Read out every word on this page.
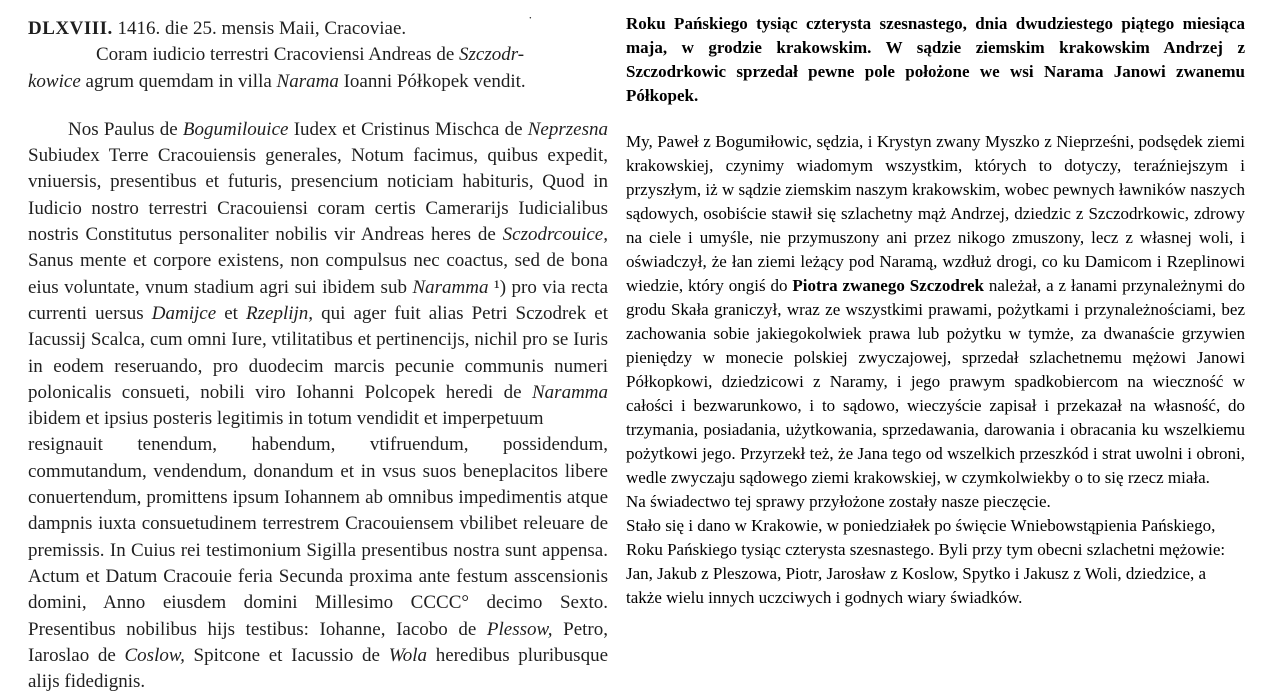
˙

DLXVIII. 1416. die 25. mensis Maii, Cracoviae.

Coram iudicio terrestri Cracoviensi Andreas de Szczodr-

kowice agrum quemdam in villa Narama Ioanni Półkopek vendit.

Nos Paulus de Bogumilouice Iudex et Cristinus Mischca de Neprzesna Subiudex Terre Cracouiensis generales, Notum facimus, quibus expedit, vniuersis, presentibus et futuris, presencium noticiam habituris, Quod in Iudicio nostro terrestri Cracouiensi coram certis Camerarijs Iudicialibus nostris Constitutus personaliter nobilis vir Andreas heres de Sczodrcouice, Sanus mente et corpore existens, non compulsus nec coactus, sed de bona eius voluntate, vnum stadium agri sui ibidem sub Naramma ¹) pro via recta currenti uersus Damijce et Rzeplijn, qui ager fuit alias Petri Sczodrek et Iacussij Scalca, cum omni Iure, vtilitatibus et pertinencijs, nichil pro se Iuris in eodem reseruando, pro duodecim marcis pecunie communis numeri polonicalis consueti, nobili viro Iohanni Polcopek heredi de Naramma ibidem et ipsius posteris legitimis in totum vendidit et imperpetuum

resignauit tenendum, habendum, vtifruendum, possidendum, commutandum, vendendum, donandum et in vsus suos beneplacitos libere conuertendum, promittens ipsum Iohannem ab omnibus impedimentis atque dampnis iuxta consuetudinem terrestrem Cracouiensem vbilibet releuare de premissis. In Cuius rei testimonium Sigilla presentibus nostra sunt appensa. Actum et Datum Cracouie feria Secunda proxima ante festum asscensionis domini, Anno eiusdem domini Millesimo CCCC° decimo Sexto. Presentibus nobilibus hijs testibus: Iohanne, Iacobo de Plessow, Petro, Iaroslao de Coslow, Spitcone et Iacussio de Wola heredibus pluribusque alijs fidedignis.

Roku Pańskiego tysiąc czterysta szesnastego, dnia dwudziestego piątego miesiąca maja, w grodzie krakowskim. W sądzie ziemskim krakowskim Andrzej z Szczodrkowic sprzedał pewne pole położone we wsi Narama Janowi zwanemu Półkopek.

My, Paweł z Bogumiłowic, sędzia, i Krystyn zwany Myszko z Nieprześni, podsędek ziemi krakowskiej, czynimy wiadomym wszystkim, których to dotyczy, teraźniejszym i przyszłym, iż w sądzie ziemskim naszym krakowskim, wobec pewnych ławników naszych sądowych, osobiście stawił się szlachetny mąż Andrzej, dziedzic z Szczodrkowic, zdrowy na ciele i umyśle, nie przymuszony ani przez nikogo zmuszony, lecz z własnej woli, i oświadczył, że łan ziemi leżący pod Naramą, wzdłuż drogi, co ku Damicom i Rzeplinowi wiedzie, który ongiś do Piotra zwanego Szczodrek należał, a z łanami przynależnymi do grodu Skała graniczył, wraz ze wszystkimi prawami, pożytkami i przynależnościami, bez zachowania sobie jakiegokolwiek prawa lub pożytku w tymże, za dwanaście grzywien pieniędzy w monecie polskiej zwyczajowej, sprzedał szlachetnemu mężowi Janowi Półkopkowi, dziedzicowi z Naramy, i jego prawym spadkobiercom na wieczność w całości i bezwarunkowo, i to sądowo, wieczyście zapisał i przekazał na własność, do trzymania, posiadania, użytkowania, sprzedawania, darowania i obracania ku wszelkiemu pożytkowi jego. Przyrzekł też, że Jana tego od wszelkich przeszkód i strat uwolni i obroni, wedle zwyczaju sądowego ziemi krakowskiej, w czymkolwiekby o to się rzecz miała.

Na świadectwo tej sprawy przyłożone zostały nasze pieczęcie.

Stało się i dano w Krakowie, w poniedziałek po święcie Wniebowstąpienia Pańskiego, Roku Pańskiego tysiąc czterysta szesnastego. Byli przy tym obecni szlachetni mężowie: Jan, Jakub z Pleszowa, Piotr, Jarosław z Koslow, Spytko i Jakusz z Woli, dziedzice, a także wielu innych uczciwych i godnych wiary świadków.
